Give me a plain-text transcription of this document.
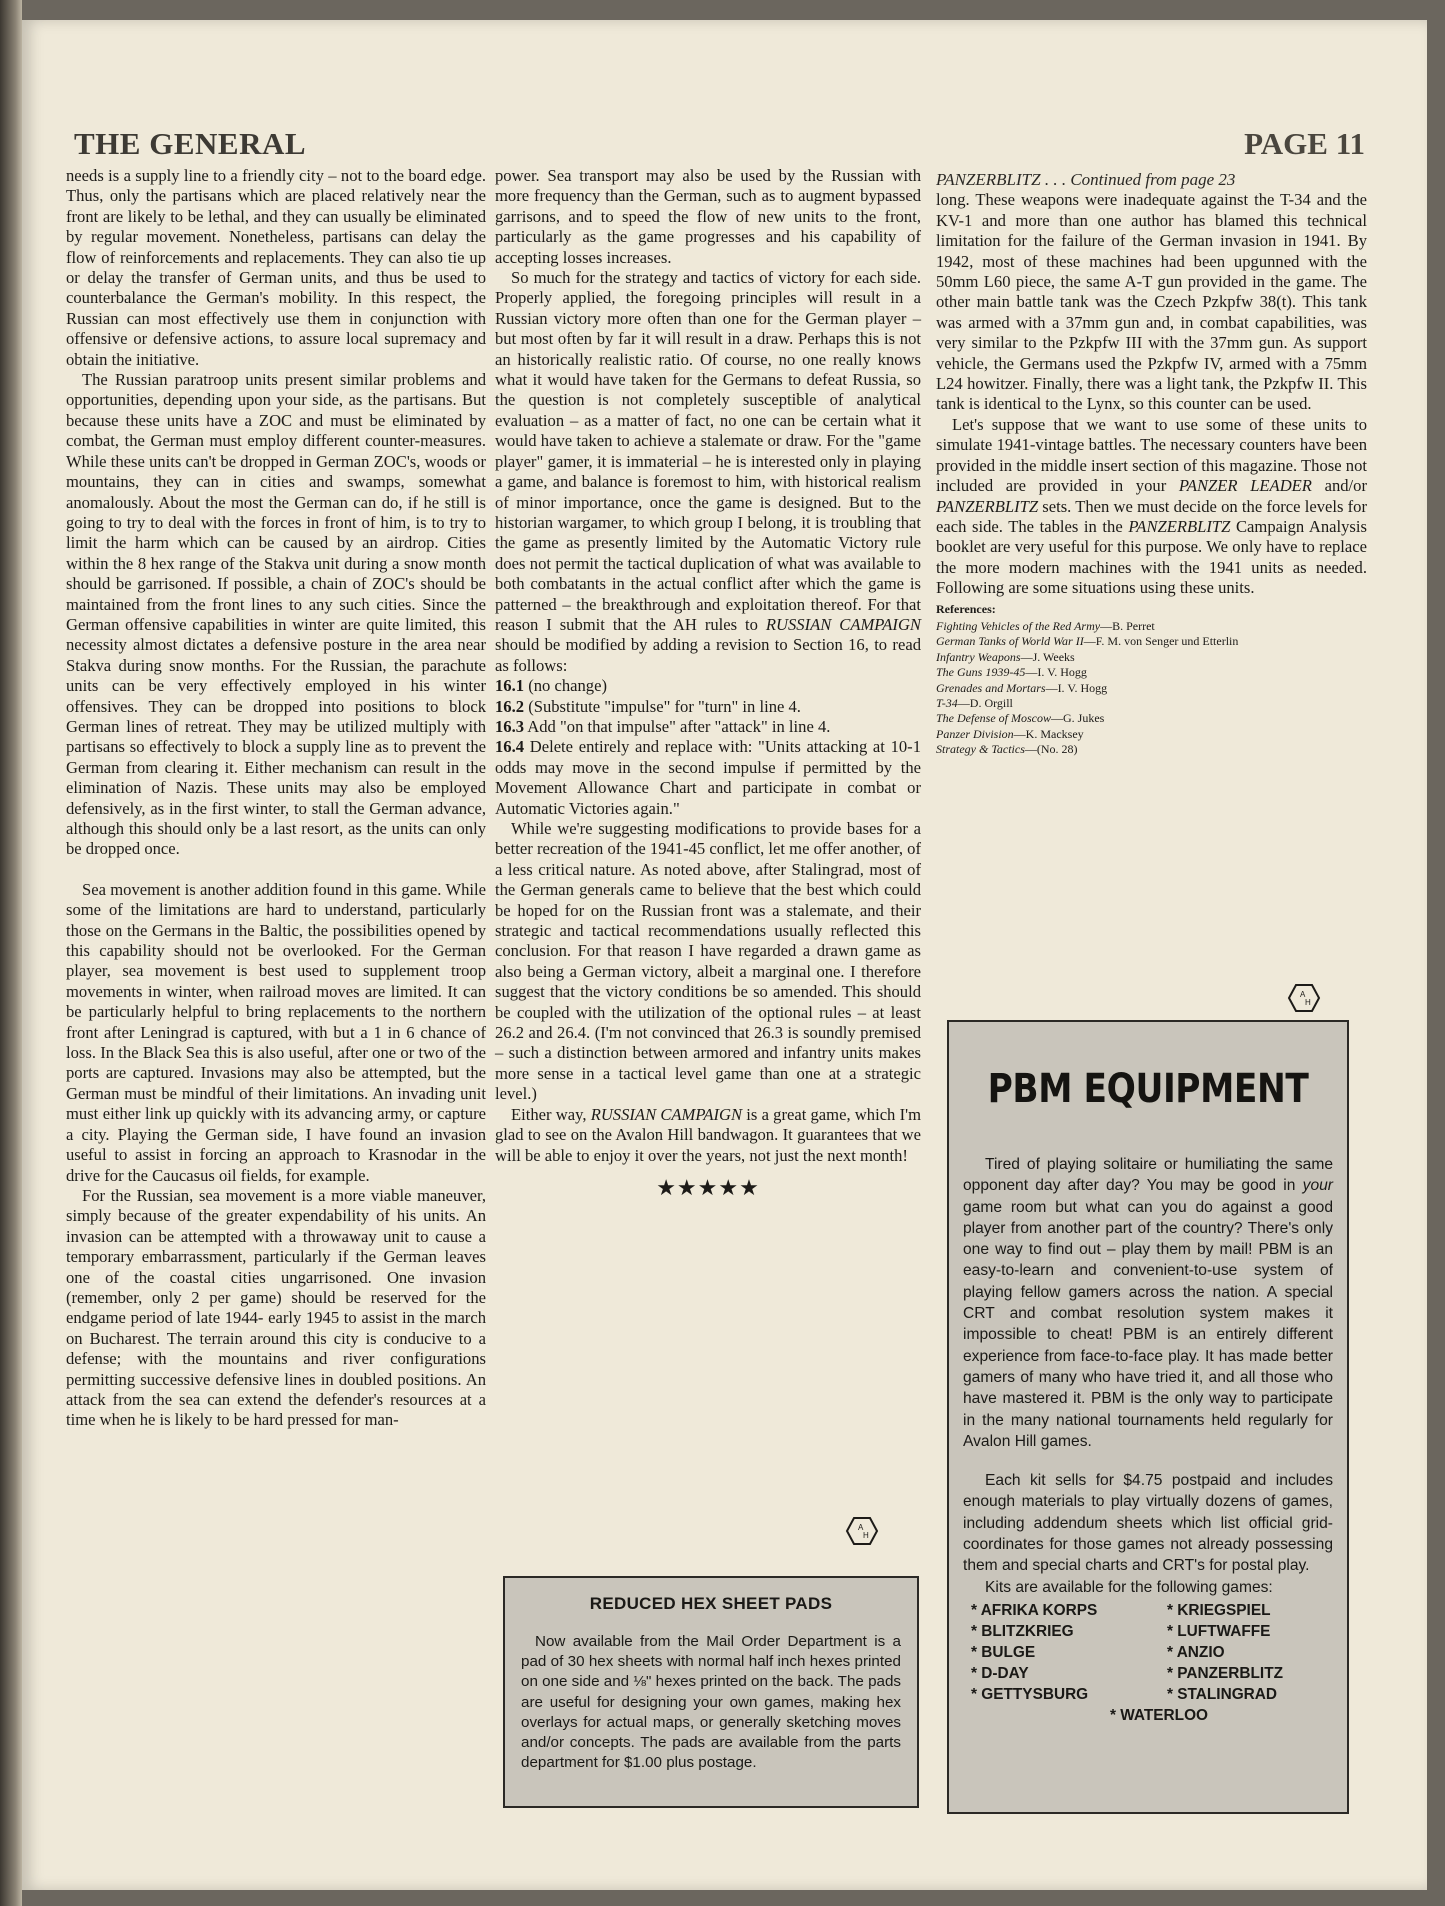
THE GENERAL	PAGE 11

needs is a supply line to a friendly city – not to the board edge. Thus, only the partisans which are placed relatively near the front are likely to be lethal, and they can usually be eliminated by regular movement. Nonetheless, partisans can delay the flow of reinforcements and replacements. They can also tie up or delay the transfer of German units, and thus be used to counterbalance the German's mobility. In this respect, the Russian can most effectively use them in conjunction with offensive or defensive actions, to assure local supremacy and obtain the initiative.

The Russian paratroop units present similar problems and opportunities, depending upon your side, as the partisans. But because these units have a ZOC and must be eliminated by combat, the German must employ different counter-measures. While these units can't be dropped in German ZOC's, woods or mountains, they can in cities and swamps, somewhat anomalously. About the most the German can do, if he still is going to try to deal with the forces in front of him, is to try to limit the harm which can be caused by an airdrop. Cities within the 8 hex range of the Stakva unit during a snow month should be garrisoned. If possible, a chain of ZOC's should be maintained from the front lines to any such cities. Since the German offensive capabilities in winter are quite limited, this necessity almost dictates a defensive posture in the area near Stakva during snow months. For the Russian, the parachute units can be very effectively employed in his winter offensives. They can be dropped into positions to block German lines of retreat. They may be utilized multiply with partisans so effectively to block a supply line as to prevent the German from clearing it. Either mechanism can result in the elimination of Nazis. These units may also be employed defensively, as in the first winter, to stall the German advance, although this should only be a last resort, as the units can only be dropped once.

Sea movement is another addition found in this game. While some of the limitations are hard to understand, particularly those on the Germans in the Baltic, the possibilities opened by this capability should not be overlooked. For the German player, sea movement is best used to supplement troop movements in winter, when railroad moves are limited. It can be particularly helpful to bring replacements to the northern front after Leningrad is captured, with but a 1 in 6 chance of loss. In the Black Sea this is also useful, after one or two of the ports are captured. Invasions may also be attempted, but the German must be mindful of their limitations. An invading unit must either link up quickly with its advancing army, or capture a city. Playing the German side, I have found an invasion useful to assist in forcing an approach to Krasnodar in the drive for the Caucasus oil fields, for example.

For the Russian, sea movement is a more viable maneuver, simply because of the greater expendability of his units. An invasion can be attempted with a throwaway unit to cause a temporary embarrassment, particularly if the German leaves one of the coastal cities ungarrisoned. One invasion (remember, only 2 per game) should be reserved for the endgame period of late 1944- early 1945 to assist in the march on Bucharest. The terrain around this city is conducive to a defense; with the mountains and river configurations permitting successive defensive lines in doubled positions. An attack from the sea can extend the defender's resources at a time when he is likely to be hard pressed for man-

power. Sea transport may also be used by the Russian with more frequency than the German, such as to augment bypassed garrisons, and to speed the flow of new units to the front, particularly as the game progresses and his capability of accepting losses increases.

So much for the strategy and tactics of victory for each side. Properly applied, the foregoing principles will result in a Russian victory more often than one for the German player – but most often by far it will result in a draw. Perhaps this is not an historically realistic ratio. Of course, no one really knows what it would have taken for the Germans to defeat Russia, so the question is not completely susceptible of analytical evaluation – as a matter of fact, no one can be certain what it would have taken to achieve a stalemate or draw. For the "game player" gamer, it is immaterial – he is interested only in playing a game, and balance is foremost to him, with historical realism of minor importance, once the game is designed. But to the historian wargamer, to which group I belong, it is troubling that the game as presently limited by the Automatic Victory rule does not permit the tactical duplication of what was available to both combatants in the actual conflict after which the game is patterned – the breakthrough and exploitation thereof. For that reason I submit that the AH rules to RUSSIAN CAMPAIGN should be modified by adding a revision to Section 16, to read as follows:

16.1 (no change)

16.2 (Substitute "impulse" for "turn" in line 4.

16.3 Add "on that impulse" after "attack" in line 4.

16.4 Delete entirely and replace with: "Units attacking at 10-1 odds may move in the second impulse if permitted by the Movement Allowance Chart and participate in combat or Automatic Victories again."

While we're suggesting modifications to provide bases for a better recreation of the 1941-45 conflict, let me offer another, of a less critical nature. As noted above, after Stalingrad, most of the German generals came to believe that the best which could be hoped for on the Russian front was a stalemate, and their strategic and tactical recommendations usually reflected this conclusion. For that reason I have regarded a drawn game as also being a German victory, albeit a marginal one. I therefore suggest that the victory conditions be so amended. This should be coupled with the utilization of the optional rules – at least 26.2 and 26.4. (I'm not convinced that 26.3 is soundly premised – such a distinction between armored and infantry units makes more sense in a tactical level game than one at a strategic level.)

Either way, RUSSIAN CAMPAIGN is a great game, which I'm glad to see on the Avalon Hill bandwagon. It guarantees that we will be able to enjoy it over the years, not just the next month!

★★★★★
A
H
REDUCED HEX SHEET PADS

Now available from the Mail Order Department is a pad of 30 hex sheets with normal half inch hexes printed on one side and ⅛" hexes printed on the back. The pads are useful for designing your own games, making hex overlays for actual maps, or generally sketching moves and/or concepts. The pads are available from the parts department for $1.00 plus postage.

PANZERBLITZ . . . Continued from page 23

long. These weapons were inadequate against the T-34 and the KV-1 and more than one author has blamed this technical limitation for the failure of the German invasion in 1941. By 1942, most of these machines had been upgunned with the 50mm L60 piece, the same A-T gun provided in the game. The other main battle tank was the Czech Pzkpfw 38(t). This tank was armed with a 37mm gun and, in combat capabilities, was very similar to the Pzkpfw III with the 37mm gun. As support vehicle, the Germans used the Pzkpfw IV, armed with a 75mm L24 howitzer. Finally, there was a light tank, the Pzkpfw II. This tank is identical to the Lynx, so this counter can be used.

Let's suppose that we want to use some of these units to simulate 1941-vintage battles. The necessary counters have been provided in the middle insert section of this magazine. Those not included are provided in your PANZER LEADER and/or PANZERBLITZ sets. Then we must decide on the force levels for each side. The tables in the PANZERBLITZ Campaign Analysis booklet are very useful for this purpose. We only have to replace the more modern machines with the 1941 units as needed. Following are some situations using these units.

References:

Fighting Vehicles of the Red Army—B. Perret
German Tanks of World War II—F. M. von Senger und Etterlin
Infantry Weapons—J. Weeks
The Guns 1939-45—I. V. Hogg
Grenades and Mortars—I. V. Hogg
T-34—D. Orgill
The Defense of Moscow—G. Jukes
Panzer Division—K. Macksey
Strategy & Tactics—(No. 28)
A
H
PBM EQUIPMENT

Tired of playing solitaire or humiliating the same opponent day after day? You may be good in your game room but what can you do against a good player from another part of the country? There's only one way to find out – play them by mail! PBM is an easy-to-learn and convenient-to-use system of playing fellow gamers across the nation. A special CRT and combat resolution system makes it impossible to cheat! PBM is an entirely different experience from face-to-face play. It has made better gamers of many who have tried it, and all those who have mastered it. PBM is the only way to participate in the many national tournaments held regularly for Avalon Hill games.

Each kit sells for $4.75 postpaid and includes enough materials to play virtually dozens of games, including addendum sheets which list official grid-coordinates for those games not already possessing them and special charts and CRT's for postal play.

Kits are available for the following games:

* AFRIKA KORPS	* KRIEGSPIEL
* BLITZKRIEG	* LUFTWAFFE
* BULGE	* ANZIO
* D-DAY	* PANZERBLITZ
* GETTYSBURG	* STALINGRAD
* WATERLOO
